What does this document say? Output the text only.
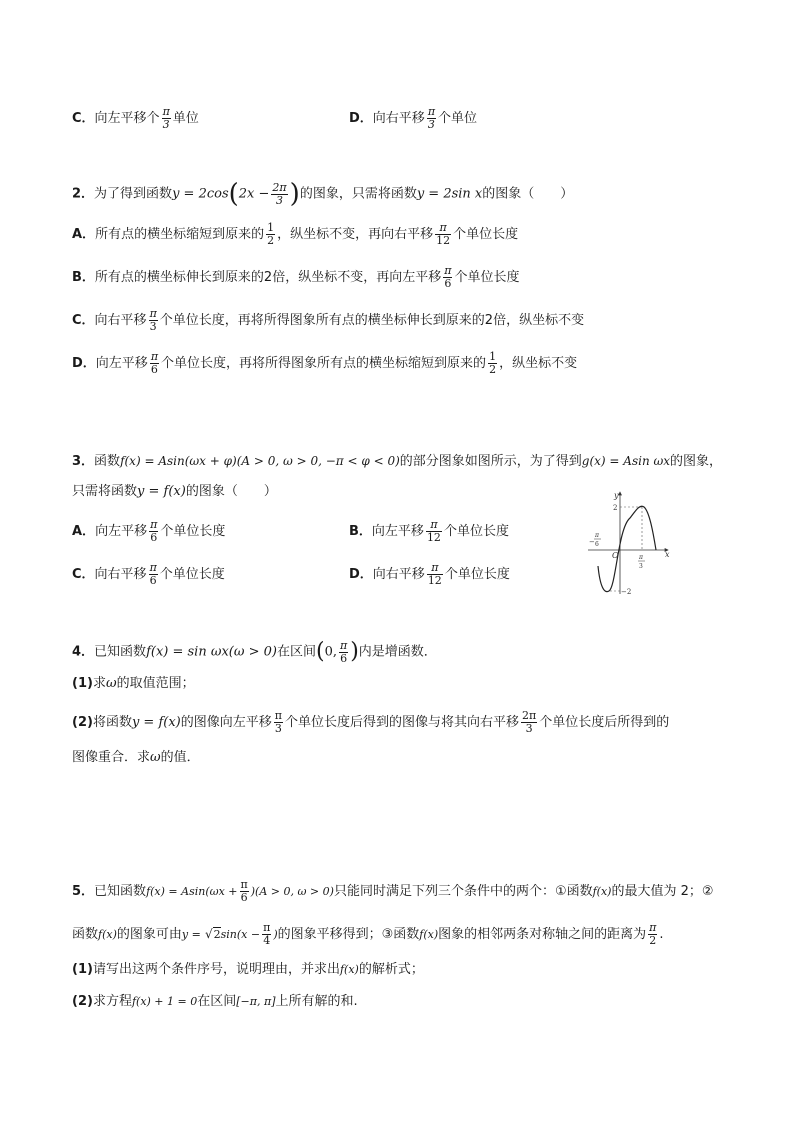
C．向左平移个 $\frac{\pi}{3}$ 单位	D．向右平移 $\frac{\pi}{3}$ 个单位
2．为了得到函数$y = 2\cos(2x - \frac{2\pi}{3}$ )的图象，只需将函数y = 2sin x的图象（　　）
A．所有点的横坐标缩短到原来的 $\frac{1}{2}$ ，纵坐标不变，再向右平移 $\frac{\pi}{12}$ 个单位长度
B．所有点的横坐标伸长到原来的2倍，纵坐标不变，再向左平移 $\frac{\pi}{6}$ 个单位长度
C．向右平移 $\frac{\pi}{3}$ 个单位长度，再将所得图象所有点的横坐标伸长到原来的2倍，纵坐标不变
D．向左平移 $\frac{\pi}{6}$ 个单位长度，再将所得图象所有点的横坐标缩短到原来的 $\frac{1}{2}$ ，纵坐标不变
3．函数f(x) = Asin(ωx + φ)(A > 0, ω > 0, −π < φ < 0)的部分图象如图所示，为了得到g(x) = Asin ωx的图象，
只需将函数y = f(x)的图象（　　）
A．向左平移 $\frac{\pi}{6}$ 个单位长度	B．向左平移 $\frac{\pi}{12}$ 个单位长度
C．向右平移 $\frac{\pi}{6}$ 个单位长度	D．向右平移 $\frac{\pi}{12}$ 个单位长度
y
x
O
2
−2
−
π
6
π
3
4．已知函数f(x) = sin ωx(ω > 0)在区间(0, $\frac{\pi}{6}$ )内是增函数．
(1)求ω的取值范围；
(2)将函数y = f(x)的图像向左平移 $\frac{\pi}{3}$ 个单位长度后得到的图像与将其向右平移 $\frac{2\pi}{3}$ 个单位长度后所得到的
图像重合．求ω的值．
5．已知函数$f(x) = Asin(\omega x + \frac{\pi}{6} )(A > 0$, ω > 0)只能同时满足下列三个条件中的两个：①函数f(x)的最大值为 2；②
函数f(x)的图象可由$y = √2\sin(x - \frac{\pi}{4}$ )的图象平移得到；③函数f(x)图象的相邻两条对称轴之间的距离为 $\frac{\pi}{2}$ .
(1)请写出这两个条件序号，说明理由，并求出f(x)的解析式；
(2)求方程f(x) + 1 = 0在区间[−π, π]上所有解的和.
